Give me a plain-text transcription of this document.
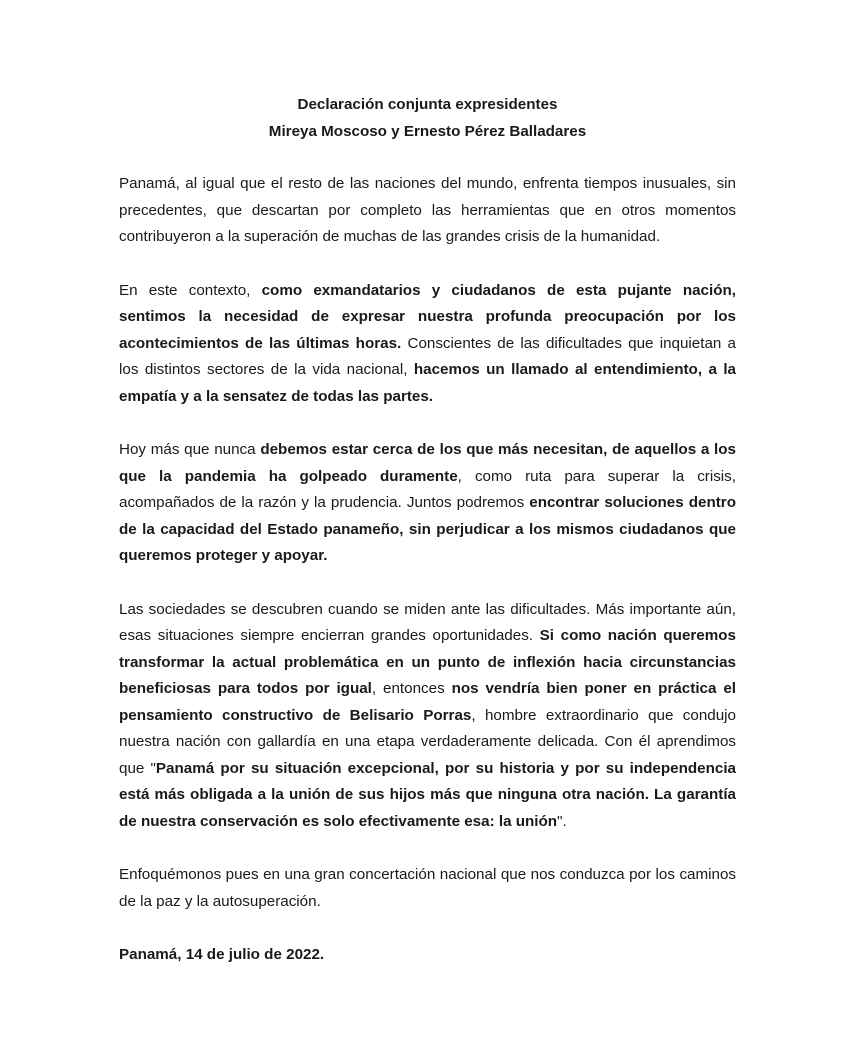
Declaración conjunta expresidentes

Mireya Moscoso y Ernesto Pérez Balladares

Panamá, al igual que el resto de las naciones del mundo, enfrenta tiempos inusuales, sin precedentes, que descartan por completo las herramientas que en otros momentos contribuyeron a la superación de muchas de las grandes crisis de la humanidad.

En este contexto, como exmandatarios y ciudadanos de esta pujante nación, sentimos la necesidad de expresar nuestra profunda preocupación por los acontecimientos de las últimas horas. Conscientes de las dificultades que inquietan a los distintos sectores de la vida nacional, hacemos un llamado al entendimiento, a la empatía y a la sensatez de todas las partes.

Hoy más que nunca debemos estar cerca de los que más necesitan, de aquellos a los que la pandemia ha golpeado duramente, como ruta para superar la crisis, acompañados de la razón y la prudencia. Juntos podremos encontrar soluciones dentro de la capacidad del Estado panameño, sin perjudicar a los mismos ciudadanos que queremos proteger y apoyar.

Las sociedades se descubren cuando se miden ante las dificultades. Más importante aún, esas situaciones siempre encierran grandes oportunidades. Si como nación queremos transformar la actual problemática en un punto de inflexión hacia circunstancias beneficiosas para todos por igual, entonces nos vendría bien poner en práctica el pensamiento constructivo de Belisario Porras, hombre extraordinario que condujo nuestra nación con gallardía en una etapa verdaderamente delicada. Con él aprendimos que "Panamá por su situación excepcional, por su historia y por su independencia está más obligada a la unión de sus hijos más que ninguna otra nación. La garantía de nuestra conservación es solo efectivamente esa: la unión".

Enfoquémonos pues en una gran concertación nacional que nos conduzca por los caminos de la paz y la autosuperación.

Panamá, 14 de julio de 2022.
